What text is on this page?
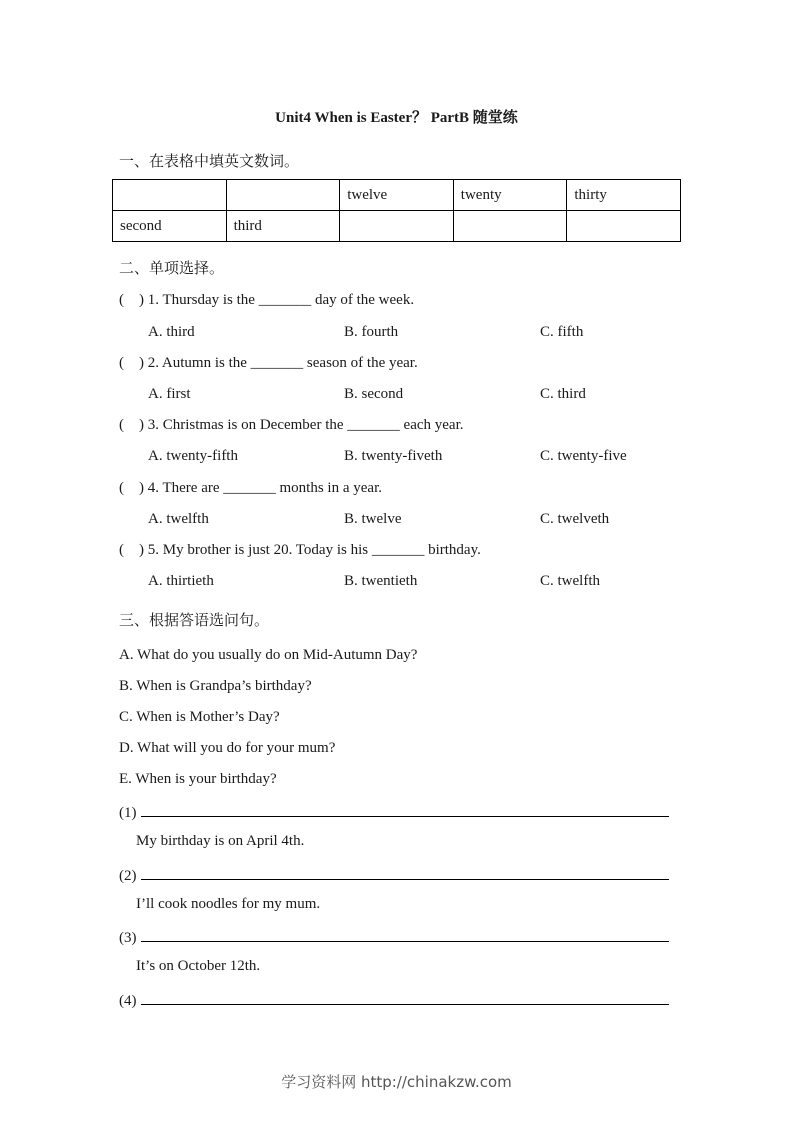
Unit4 When is Easter？ PartB 随堂练

一、在表格中填英文数词。

		twelve	twenty	thirty
second	third			

二、单项选择。

(    ) 1. Thursday is the _______ day of the week.
A. third	B. fourth	C. fifth
(    ) 2. Autumn is the _______ season of the year.
A. first	B. second	C. third
(    ) 3. Christmas is on December the _______ each year.
A. twenty-fifth	B. twenty-fiveth	C. twenty-five
(    ) 4. There are _______ months in a year.
A. twelfth	B. twelve	C. twelveth
(    ) 5. My brother is just 20. Today is his _______ birthday.
A. thirtieth	B. twentieth	C. twelfth

三、根据答语选问句。

A. What do you usually do on Mid-Autumn Day?
B. When is Grandpa’s birthday?
C. When is Mother’s Day?
D. What will you do for your mum?
E. When is your birthday?
(1)
My birthday is on April 4th.
(2)
I’ll cook noodles for my mum.
(3)
It’s on October 12th.
(4)
学习资料网 http://chinakzw.com
